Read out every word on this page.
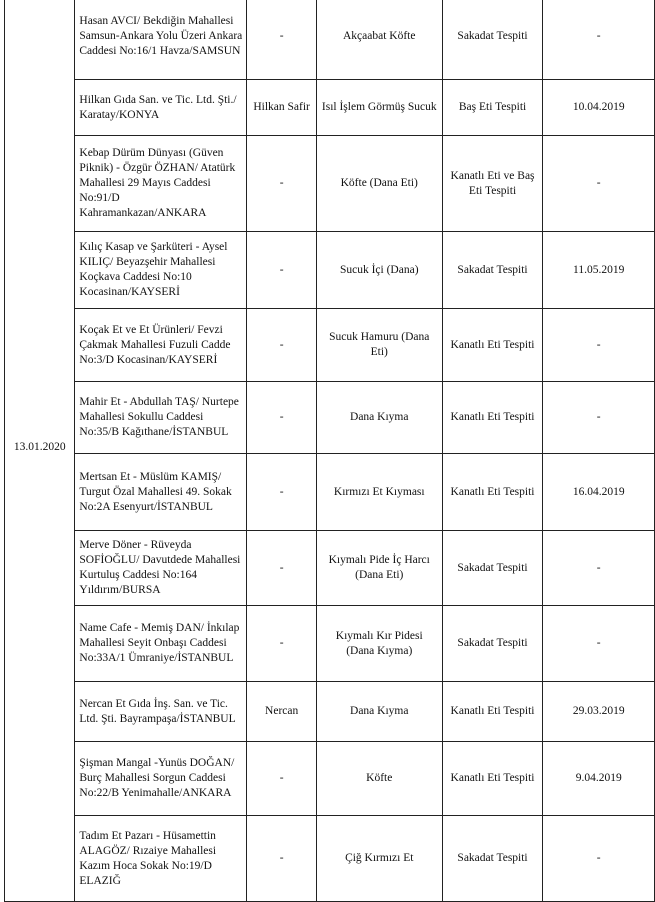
13.01.2020	Hasan AVCI/ Bekdiğin Mahallesi Samsun-Ankara Yolu Üzeri Ankara Caddesi No:16/1 Havza/SAMSUN	-	Akçaabat Köfte	Sakadat Tespiti	-
	Hilkan Gıda San. ve Tic. Ltd. Şti./ Karatay/KONYA	Hilkan Safir	Isıl İşlem Görmüş Sucuk	Baş Eti Tespiti	10.04.2019
	Kebap Dürüm Dünyası (Güven Piknik) - Özgür ÖZHAN/ Atatürk Mahallesi 29 Mayıs Caddesi No:91/D Kahramankazan/ANKARA	-	Köfte (Dana Eti)	Kanatlı Eti ve Baş Eti Tespiti	-
	Kılıç Kasap ve Şarküteri - Aysel KILIÇ/ Beyazşehir Mahallesi Koçkava Caddesi No:10 Kocasinan/KAYSERİ	-	Sucuk İçi (Dana)	Sakadat Tespiti	11.05.2019
	Koçak Et ve Et Ürünleri/ Fevzi Çakmak Mahallesi Fuzuli Cadde No:3/D Kocasinan/KAYSERİ	-	Sucuk Hamuru (Dana Eti)	Kanatlı Eti Tespiti	-
	Mahir Et - Abdullah TAŞ/ Nurtepe Mahallesi Sokullu Caddesi No:35/B Kağıthane/İSTANBUL	-	Dana Kıyma	Kanatlı Eti Tespiti	-
	Mertsan Et - Müslüm KAMIŞ/ Turgut Özal Mahallesi 49. Sokak No:2A Esenyurt/İSTANBUL	-	Kırmızı Et Kıyması	Kanatlı Eti Tespiti	16.04.2019
	Merve Döner - Rüveyda SOFİOĞLU/ Davutdede Mahallesi Kurtuluş Caddesi No:164 Yıldırım/BURSA	-	Kıymalı Pide İç Harcı (Dana Eti)	Sakadat Tespiti	-
	Name Cafe - Memiş DAN/ İnkılap Mahallesi Seyit Onbaşı Caddesi No:33A/1 Ümraniye/İSTANBUL	-	Kıymalı Kır Pidesi (Dana Kıyma)	Sakadat Tespiti	-
	Nercan Et Gıda İnş. San. ve Tic. Ltd. Şti. Bayrampaşa/İSTANBUL	Nercan	Dana Kıyma	Kanatlı Eti Tespiti	29.03.2019
	Şişman Mangal -Yunüs DOĞAN/ Burç Mahallesi Sorgun Caddesi No:22/B Yenimahalle/ANKARA	-	Köfte	Kanatlı Eti Tespiti	9.04.2019
	Tadım Et Pazarı - Hüsamettin ALAGÖZ/ Rızaiye Mahallesi Kazım Hoca Sokak No:19/D ELAZIĞ	-	Çiğ Kırmızı Et	Sakadat Tespiti	-
